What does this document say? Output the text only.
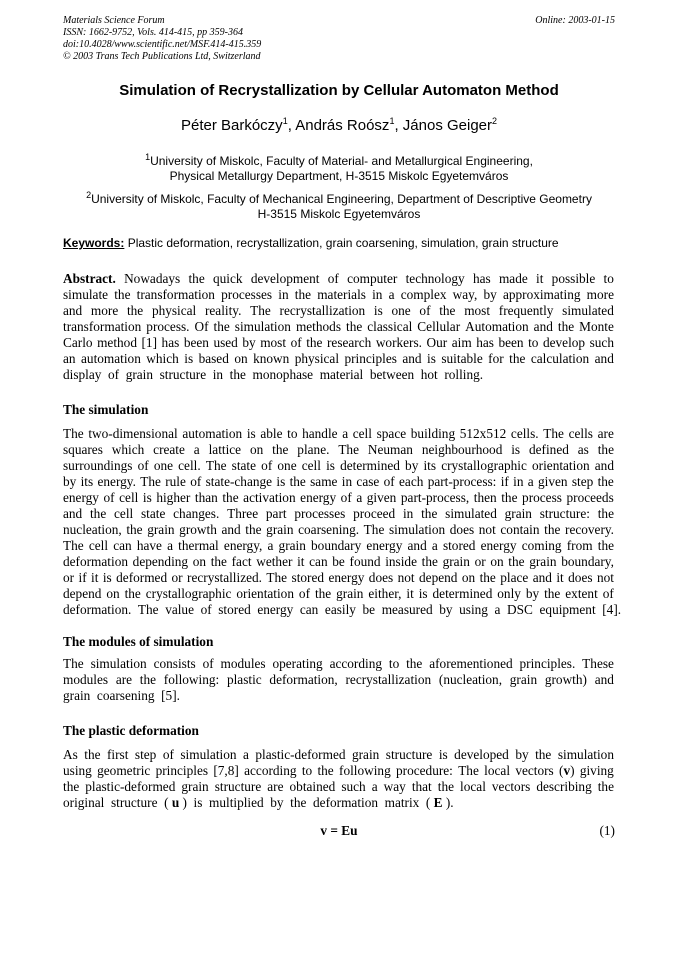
Materials Science Forum
ISSN: 1662-9752, Vols. 414-415, pp 359-364
doi:10.4028/www.scientific.net/MSF.414-415.359
© 2003 Trans Tech Publications Ltd, Switzerland
Online: 2003-01-15
Simulation of Recrystallization by Cellular Automaton Method
Péter Barkóczy$^1$, András Roósz$^1$, János Geiger$^2$
$^1$University of Miskolc, Faculty of Material- and Metallurgical Engineering,
Physical Metallurgy Department, H-3515 Miskolc Egyetemváros
$^2$University of Miskolc, Faculty of Mechanical Engineering, Department of Descriptive Geometry
H-3515 Miskolc Egyetemváros
Keywords: Plastic deformation, recrystallization, grain coarsening, simulation, grain structure
Abstract. Nowadays the quick development of computer technology has made it possible to
simulate the transformation processes in the materials in a complex way, by approximating more
and more the physical reality. The recrystallization is one of the most frequently simulated
transformation process. Of the simulation methods the classical Cellular Automation and the Monte
Carlo method [1] has been used by most of the research workers. Our aim has been to develop such
an automation which is based on known physical principles and is suitable for the calculation and
display of grain structure in the monophase material between hot rolling.
The simulation
The two-dimensional automation is able to handle a cell space building 512x512 cells. The cells are
squares which create a lattice on the plane. The Neuman neighbourhood is defined as the
surroundings of one cell. The state of one cell is determined by its crystallographic orientation and
by its energy. The rule of state-change is the same in case of each part-process: if in a given step the
energy of cell is higher than the activation energy of a given part-process, then the process proceeds
and the cell state changes. Three part processes proceed in the simulated grain structure: the
nucleation, the grain growth and the grain coarsening. The simulation does not contain the recovery.
The cell can have a thermal energy, a grain boundary energy and a stored energy coming from the
deformation depending on the fact wether it can be found inside the grain or on the grain boundary,
or if it is deformed or recrystallized. The stored energy does not depend on the place and it does not
depend on the crystallographic orientation of the grain either, it is determined only by the extent of
deformation. The value of stored energy can easily be measured by using a DSC equipment [4].
The modules of simulation
The simulation consists of modules operating according to the aforementioned principles. These
modules are the following: plastic deformation, recrystallization (nucleation, grain growth) and
grain coarsening [5].
The plastic deformation
As the first step of simulation a plastic-deformed grain structure is developed by the simulation
using geometric principles [7,8] according to the following procedure: The local vectors (v) giving
the plastic-deformed grain structure are obtained such a way that the local vectors describing the
original structure ( u ) is multiplied by the deformation matrix ( E ).
v = Eu	(1)
